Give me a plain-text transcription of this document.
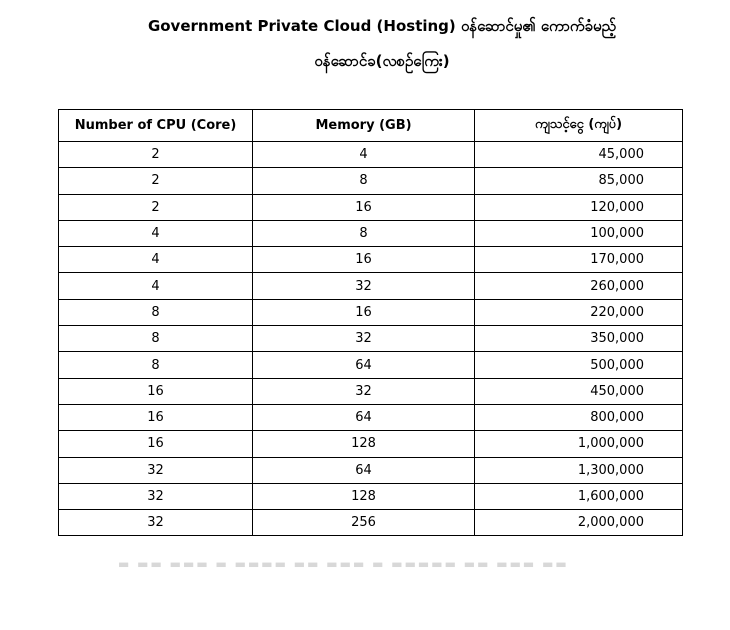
Government Private Cloud (Hosting) ဝန်ဆောင်မှု၏ ကောက်ခံမည့်
ဝန်ဆောင်ခ(လစဉ်ကြေး)
Number of CPU (Core)	Memory (GB)	ကျသင့်ငွေ (ကျပ်)
2	4	45,000
2	8	85,000
2	16	120,000
4	8	100,000
4	16	170,000
4	32	260,000
8	16	220,000
8	32	350,000
8	64	500,000
16	32	450,000
16	64	800,000
16	128	1,000,000
32	64	1,300,000
32	128	1,600,000
32	256	2,000,000
▬ ▬▬ ▬▬▬ ▬ ▬▬▬▬ ▬▬ ▬▬▬ ▬ ▬▬▬▬▬ ▬▬ ▬▬▬ ▬▬
